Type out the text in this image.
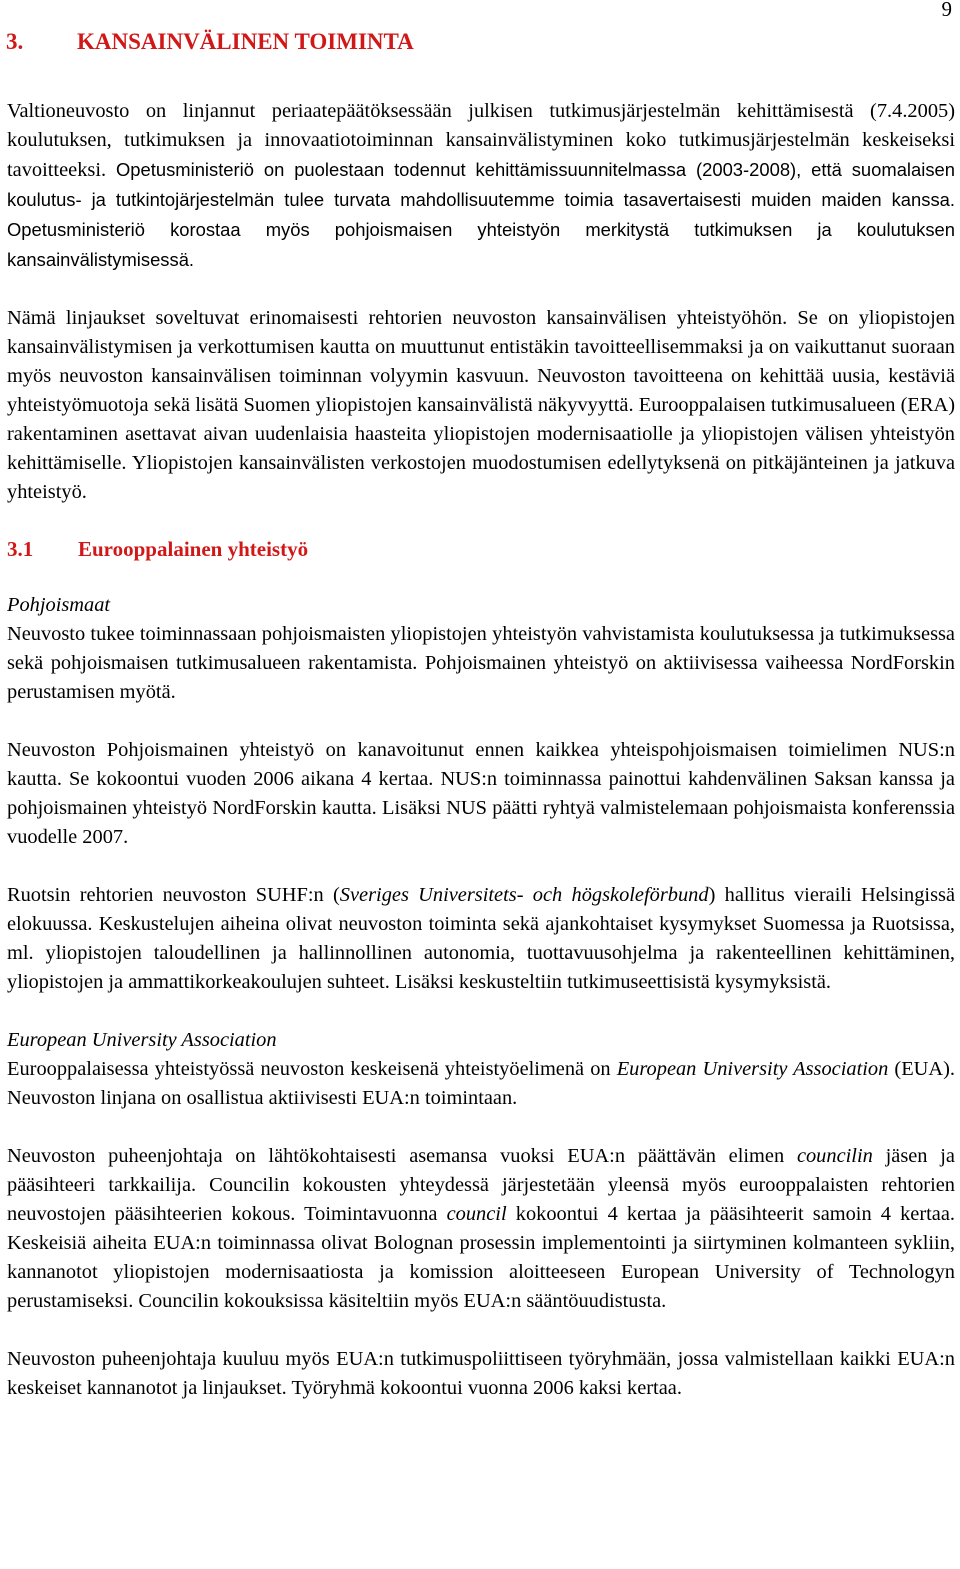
9
3. KANSAINVÄLINEN TOIMINTA

Valtioneuvosto on linjannut periaatepäätöksessään julkisen tutkimusjärjestelmän kehittämisestä (7.4.2005) koulutuksen, tutkimuksen ja innovaatiotoiminnan kansainvälistyminen koko tutkimusjärjestelmän keskeiseksi tavoitteeksi. Opetusministeriö on puolestaan todennut kehittämissuunnitelmassa (2003-2008), että suomalaisen koulutus- ja tutkintojärjestelmän tulee turvata mahdollisuutemme toimia tasavertaisesti muiden maiden kanssa. Opetusministeriö korostaa myös pohjoismaisen yhteistyön merkitystä tutkimuksen ja koulutuksen kansainvälistymisessä.

Nämä linjaukset soveltuvat erinomaisesti rehtorien neuvoston kansainvälisen yhteistyöhön. Se on yliopistojen kansainvälistymisen ja verkottumisen kautta on muuttunut entistäkin tavoitteellisemmaksi ja on vaikuttanut suoraan myös neuvoston kansainvälisen toiminnan volyymin kasvuun. Neuvoston tavoitteena on kehittää uusia, kestäviä yhteistyömuotoja sekä lisätä Suomen yliopistojen kansainvälistä näkyvyyttä. Eurooppalaisen tutkimusalueen (ERA) rakentaminen asettavat aivan uudenlaisia haasteita yliopistojen modernisaatiolle ja yliopistojen välisen yhteistyön kehittämiselle. Yliopistojen kansainvälisten verkostojen muodostumisen edellytyksenä on pitkäjänteinen ja jatkuva yhteistyö.

3.1 Eurooppalainen yhteistyö
Pohjoismaat

Neuvosto tukee toiminnassaan pohjoismaisten yliopistojen yhteistyön vahvistamista koulutuksessa ja tutkimuksessa sekä pohjoismaisen tutkimusalueen rakentamista. Pohjoismainen yhteistyö on aktiivisessa vaiheessa NordForskin perustamisen myötä.

Neuvoston Pohjoismainen yhteistyö on kanavoitunut ennen kaikkea yhteispohjoismaisen toimielimen NUS:n kautta. Se kokoontui vuoden 2006 aikana 4 kertaa. NUS:n toiminnassa painottui kahdenvälinen Saksan kanssa ja pohjoismainen yhteistyö NordForskin kautta. Lisäksi NUS päätti ryhtyä valmistelemaan pohjoismaista konferenssia vuodelle 2007.

Ruotsin rehtorien neuvoston SUHF:n (Sveriges Universitets- och högskoleförbund) hallitus vieraili Helsingissä elokuussa. Keskustelujen aiheina olivat neuvoston toiminta sekä ajankohtaiset kysymykset Suomessa ja Ruotsissa, ml. yliopistojen taloudellinen ja hallinnollinen autonomia, tuottavuusohjelma ja rakenteellinen kehittäminen, yliopistojen ja ammattikorkeakoulujen suhteet. Lisäksi keskusteltiin tutkimuseettisistä kysymyksistä.

European University Association

Eurooppalaisessa yhteistyössä neuvoston keskeisenä yhteistyöelimenä on European University Association (EUA). Neuvoston linjana on osallistua aktiivisesti EUA:n toimintaan.

Neuvoston puheenjohtaja on lähtökohtaisesti asemansa vuoksi EUA:n päättävän elimen councilin jäsen ja pääsihteeri tarkkailija. Councilin kokousten yhteydessä järjestetään yleensä myös eurooppalaisten rehtorien neuvostojen pääsihteerien kokous. Toimintavuonna council kokoontui 4 kertaa ja pääsihteerit samoin 4 kertaa. Keskeisiä aiheita EUA:n toiminnassa olivat Bolognan prosessin implementointi ja siirtyminen kolmanteen sykliin, kannanotot yliopistojen modernisaatiosta ja komission aloitteeseen European University of Technologyn perustamiseksi. Councilin kokouksissa käsiteltiin myös EUA:n sääntöuudistusta.

Neuvoston puheenjohtaja kuuluu myös EUA:n tutkimuspoliittiseen työryhmään, jossa valmistellaan kaikki EUA:n keskeiset kannanotot ja linjaukset. Työryhmä kokoontui vuonna 2006 kaksi kertaa.
